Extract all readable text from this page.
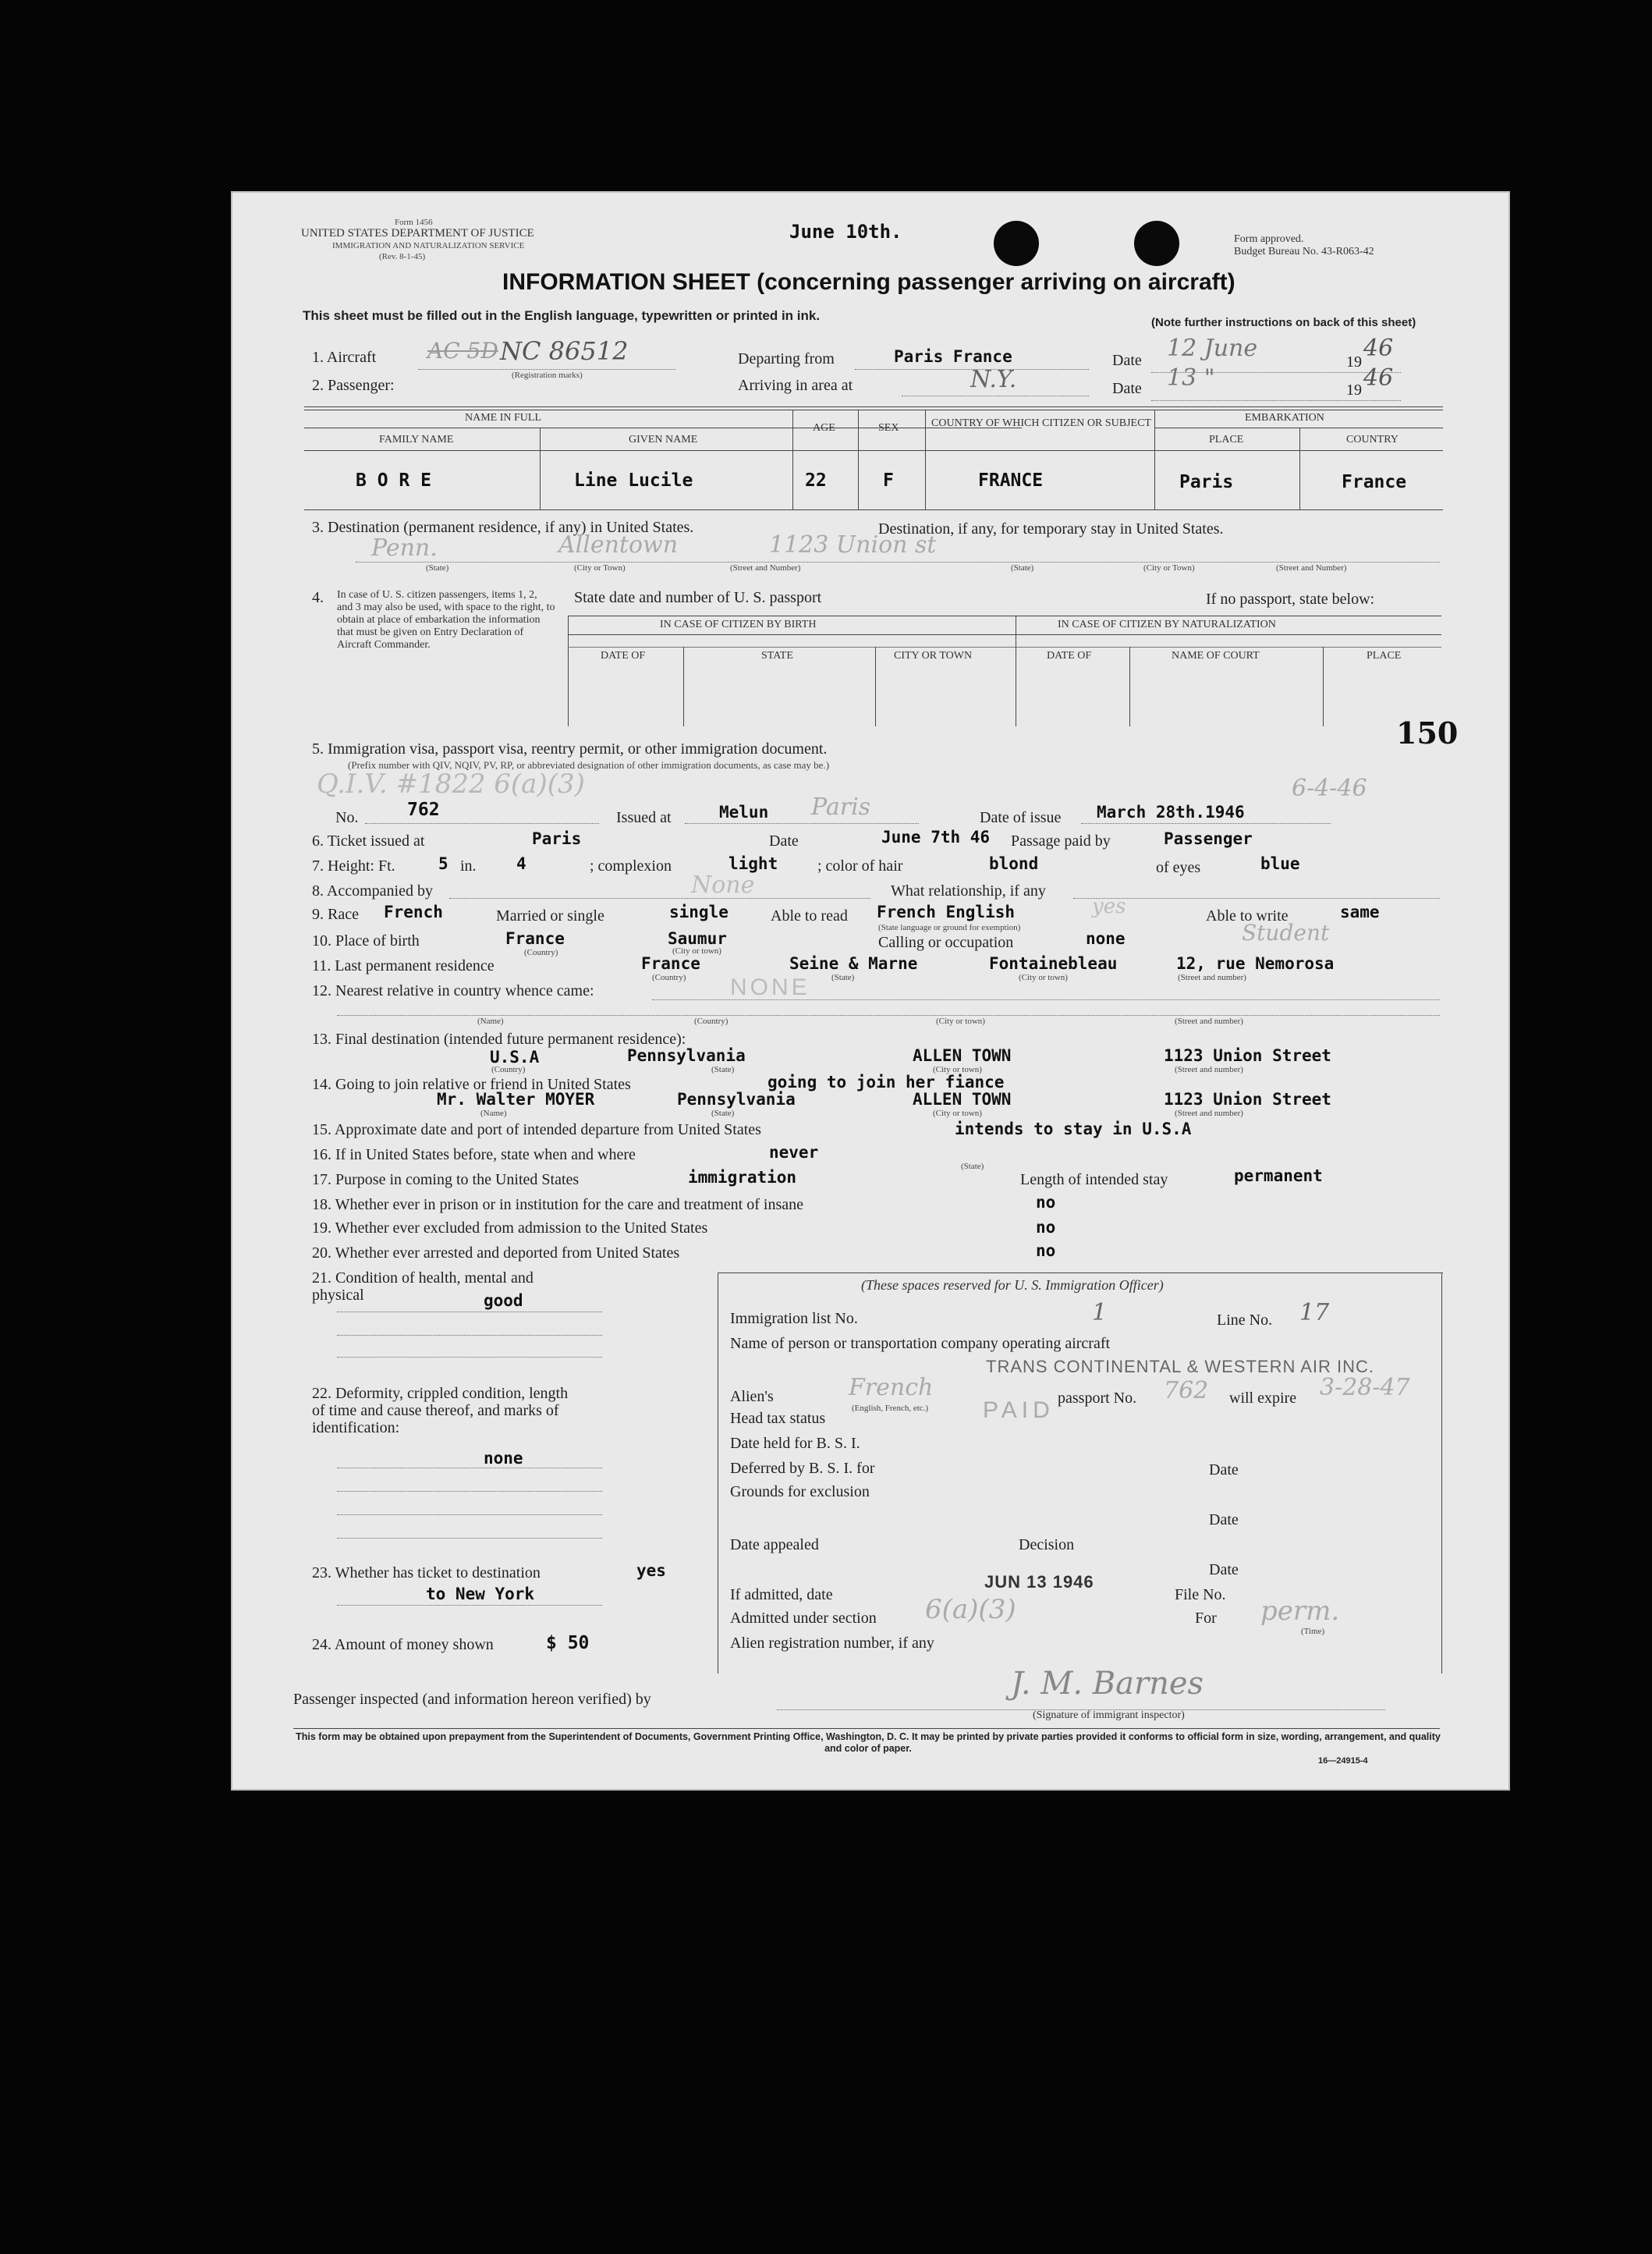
Form 1456
UNITED STATES DEPARTMENT OF JUSTICE
IMMIGRATION AND NATURALIZATION SERVICE
(Rev. 8-1-45)
June 10th.	Form approved.
Budget Bureau No. 43-R063-42
INFORMATION SHEET (concerning passenger arriving on aircraft)
This sheet must be filled out in the English language, typewritten or printed in ink.	(Note further instructions on back of this sheet)
1. Aircraft AC 5D NC 86512
(Registration marks)
Departing from	Paris France	Date 12 June	19 46
2. Passenger:	Arriving in area at	N.Y.	Date 13 "	19 46
NAME IN FULL
FAMILY NAME	GIVEN NAME
AGE	SEX	COUNTRY OF WHICH CITIZEN OR SUBJECT	EMBARKATION
PLACE	COUNTRY
B O R E	Line Lucile	22	F	FRANCE	Paris	France
3. Destination (permanent residence, if any) in United States.	Destination, if any, for temporary stay in United States.
Penn.	Allentown	1123 Union st
(State)	(City or Town)	(Street and Number)	(State)	(City or Town)	(Street and Number)
4. In case of U. S. citizen passengers, items 1, 2, and 3 may also be used, with space to the right, to obtain at place of embarkation the information that must be given on Entry Declaration of Aircraft Commander.
State date and number of U. S. passport	If no passport, state below:
IN CASE OF CITIZEN BY BIRTH	IN CASE OF CITIZEN BY NATURALIZATION
DATE OF	STATE	CITY OR TOWN	DATE OF	NAME OF COURT	PLACE
150
5. Immigration visa, passport visa, reentry permit, or other immigration document.
(Prefix number with QIV, NQIV, PV, RP, or abbreviated designation of other immigration documents, as case may be.)
Q.I.V. #1822 6(a)(3)
No.	762	Issued at	Melun Paris	Date of issue March 28th.1946
6-4-46
6. Ticket issued at	Paris	Date	June 7th 46 Passage paid by	Passenger
7. Height: Ft.	5 in. 4	; complexion	light	; color of hair	blond	of eyes	blue
8. Accompanied by	None	What relationship, if any
9. Race French	Married or single	single	Able to read French English	yes
(State language or ground for exemption)
Able to write	same
10. Place of birth	France	Saumur
(Country)	(City or town)	Calling or occupation	none	Student
11. Last permanent residence	France	Seine & Marne	Fontainebleau	12, rue Nemorosa
(Country)	(State)	(City or town)	(Street and number)
12. Nearest relative in country whence came:	NONE
(Name)	(Country)	(City or town)	(Street and number)
13. Final destination (intended future permanent residence):
U.S.A	Pennsylvania	ALLEN TOWN	1123 Union Street
(Country)	(State)	(City or town)	(Street and number)
14. Going to join relative or friend in United States	going to join her fiance
Mr. Walter MOYER	Pennsylvania	ALLEN TOWN	1123 Union Street
(Name)	(State)	(City or town)	(Street and number)
15. Approximate date and port of intended departure from United States	intends to stay in U.S.A
16. If in United States before, state when and where	never
(State)
17. Purpose in coming to the United States	immigration	Length of intended stay	permanent
18. Whether ever in prison or in institution for the care and treatment of insane	no
19. Whether ever excluded from admission to the United States	no
20. Whether ever arrested and deported from United States	no
21. Condition of health, mental and physical	good
22. Deformity, crippled condition, length of time and cause thereof, and marks of identification:
none
23. Whether has ticket to destination	yes
to New York
24. Amount of money shown	$ 50
(These spaces reserved for U. S. Immigration Officer)
Immigration list No.	1	Line No. 17
Name of person or transportation company operating aircraft
TRANS CONTINENTAL & WESTERN AIR INC.
Alien's	French
(English, French, etc.)
passport No. 762 will expire 3-28-47
Head tax status	PAID
Date held for B. S. I.
Deferred by B. S. I. for	Date
Grounds for exclusion
Date
Date appealed	Decision
Date
If admitted, date
JUN 13 1946
File No.
Admitted under section 6(a)(3)	For perm.
(Time)
Alien registration number, if any
Passenger inspected (and information hereon verified) by	J. M. Barnes
(Signature of immigrant inspector)
This form may be obtained upon prepayment from the Superintendent of Documents, Government Printing Office, Washington, D. C. It may be printed by private parties provided it conforms to official form in size, wording, arrangement, and quality and color of paper.
16—24915-4
